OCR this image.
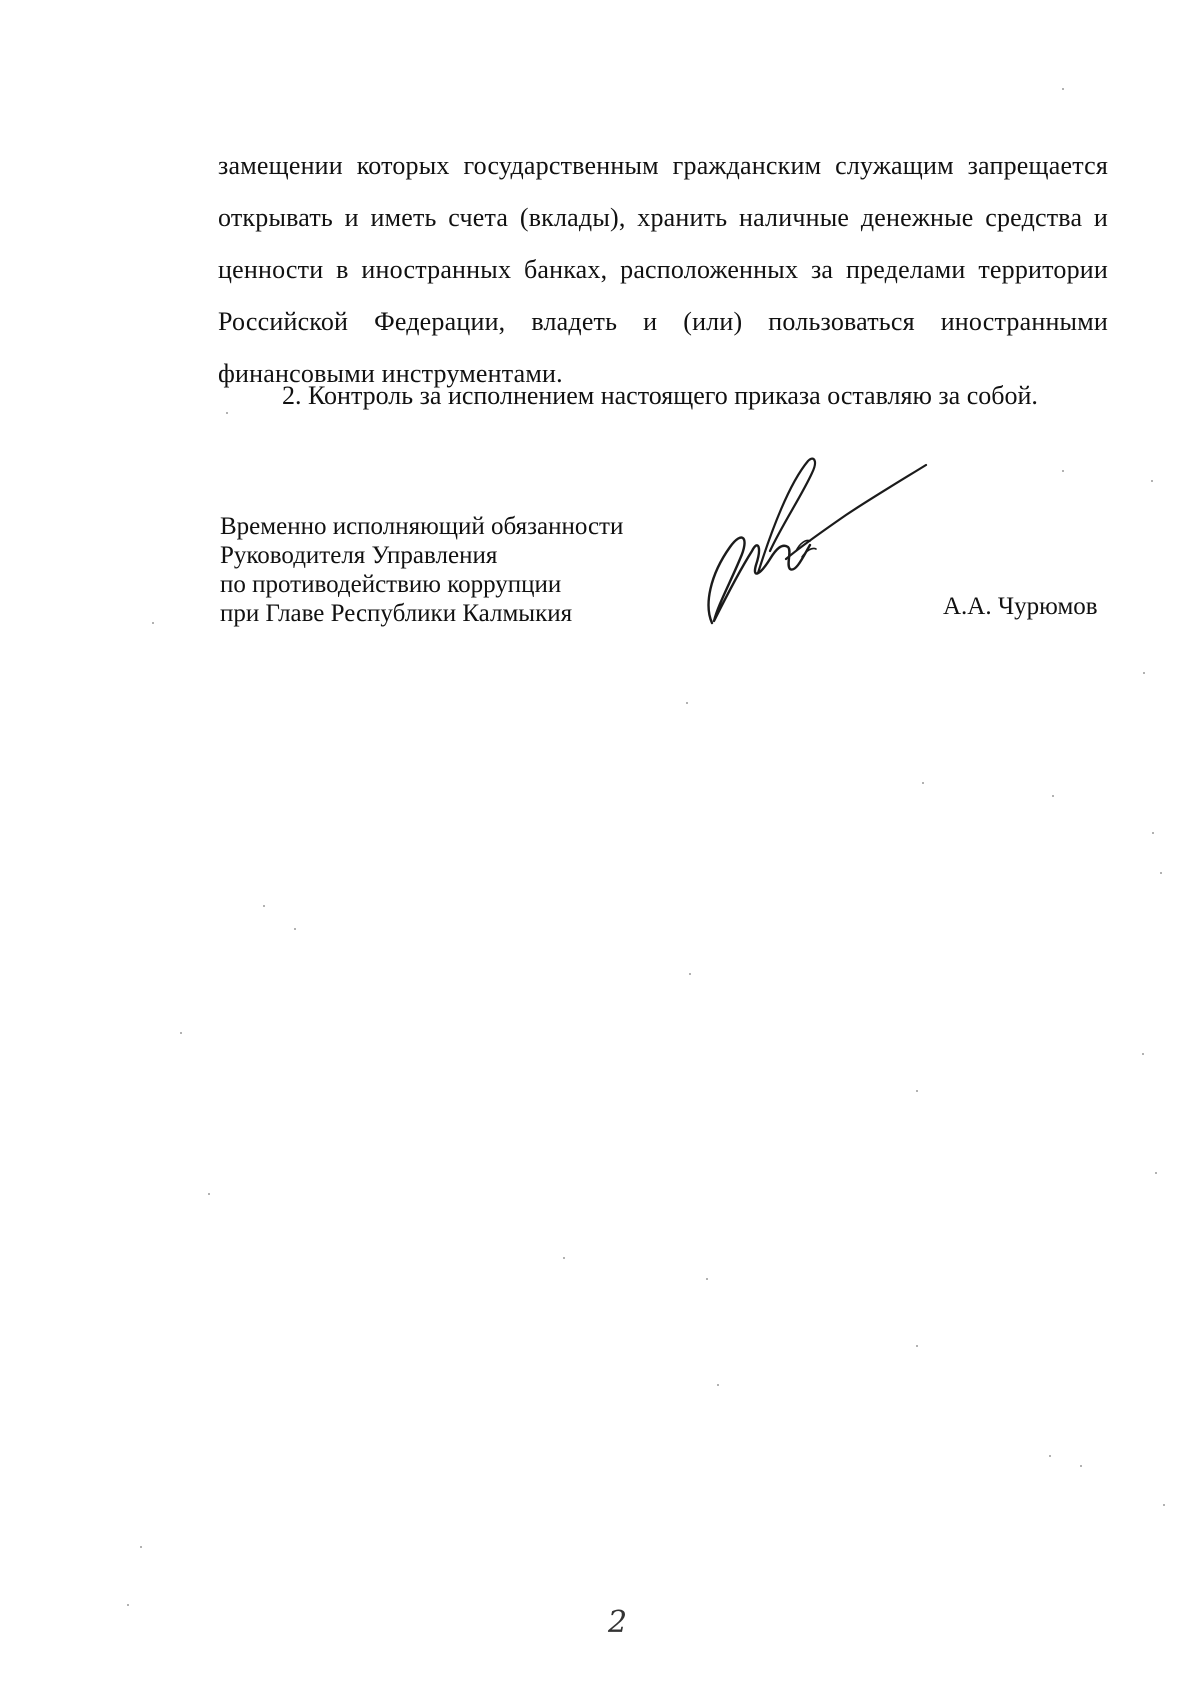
замещении которых государственным гражданским служащим запрещается
открывать и иметь счета (вклады), хранить наличные денежные средства и
ценности в иностранных банках, расположенных за пределами территории
Российской Федерации, владеть и (или) пользоваться иностранными
финансовыми инструментами.
2. Контроль за исполнением настоящего приказа оставляю за собой.
Временно исполняющий обязанности
Руководителя Управления
по противодействию коррупции
при Главе Республики Калмыкия	А.А. Чурюмов
2
